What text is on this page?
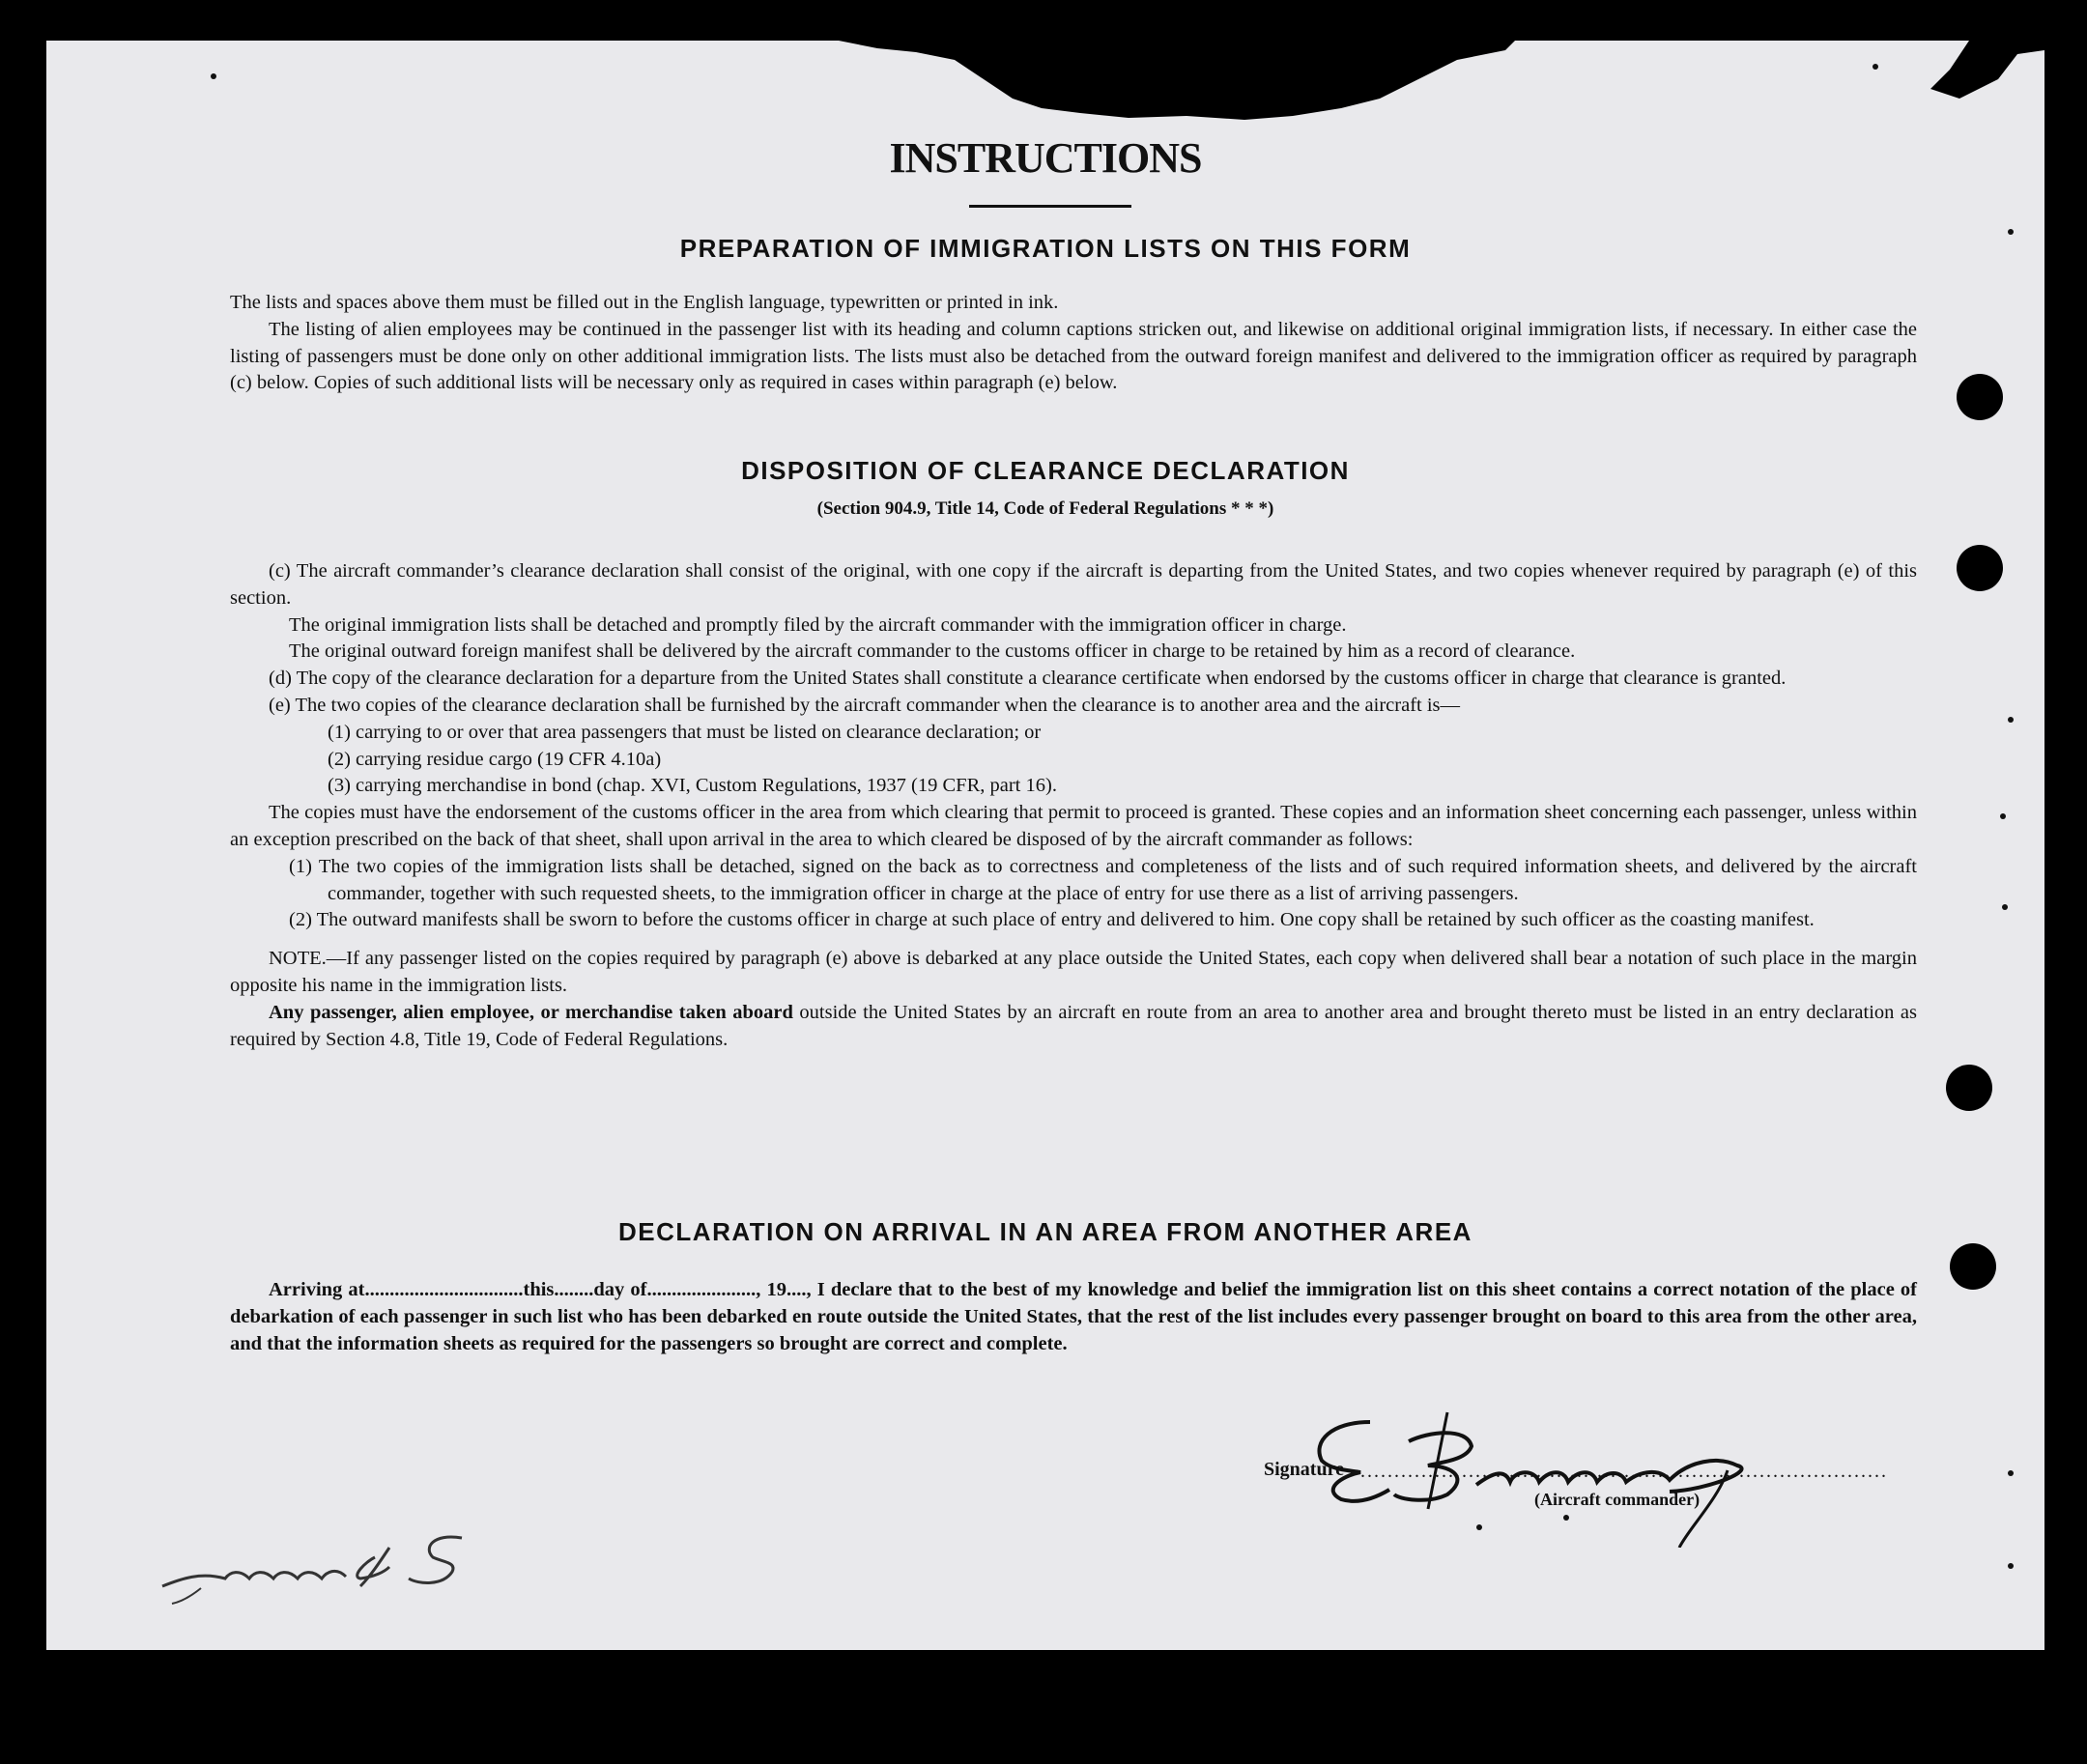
INSTRUCTIONS
PREPARATION OF IMMIGRATION LISTS ON THIS FORM

The lists and spaces above them must be filled out in the English language, typewritten or printed in ink.

The listing of alien employees may be continued in the passenger list with its heading and column captions stricken out, and likewise on additional original immigration lists, if necessary. In either case the listing of passengers must be done only on other additional immigration lists. The lists must also be detached from the outward foreign manifest and delivered to the immigration officer as required by paragraph (c) below. Copies of such additional lists will be necessary only as required in cases within paragraph (e) below.

DISPOSITION OF CLEARANCE DECLARATION

(Section 904.9, Title 14, Code of Federal Regulations * * *)

(c) The aircraft commander’s clearance declaration shall consist of the original, with one copy if the aircraft is departing from the United States, and two copies whenever required by paragraph (e) of this section.

The original immigration lists shall be detached and promptly filed by the aircraft commander with the immigration officer in charge.

The original outward foreign manifest shall be delivered by the aircraft commander to the customs officer in charge to be retained by him as a record of clearance.

(d) The copy of the clearance declaration for a departure from the United States shall constitute a clearance certificate when endorsed by the customs officer in charge that clearance is granted.

(e) The two copies of the clearance declaration shall be furnished by the aircraft commander when the clearance is to another area and the aircraft is—

(1) carrying to or over that area passengers that must be listed on clearance declaration; or

(2) carrying residue cargo (19 CFR 4.10a)

(3) carrying merchandise in bond (chap. XVI, Custom Regulations, 1937 (19 CFR, part 16).

The copies must have the endorsement of the customs officer in the area from which clearing that permit to proceed is granted. These copies and an information sheet concerning each passenger, unless within an exception prescribed on the back of that sheet, shall upon arrival in the area to which cleared be disposed of by the aircraft commander as follows:

(1) The two copies of the immigration lists shall be detached, signed on the back as to correctness and completeness of the lists and of such required information sheets, and delivered by the aircraft commander, together with such requested sheets, to the immigration officer in charge at the place of entry for use there as a list of arriving passengers.

(2) The outward manifests shall be sworn to before the customs officer in charge at such place of entry and delivered to him. One copy shall be retained by such officer as the coasting manifest.

NOTE.—If any passenger listed on the copies required by paragraph (e) above is debarked at any place outside the United States, each copy when delivered shall bear a notation of such place in the margin opposite his name in the immigration lists.

Any passenger, alien employee, or merchandise taken aboard outside the United States by an aircraft en route from an area to another area and brought thereto must be listed in an entry declaration as required by Section 4.8, Title 19, Code of Federal Regulations.

DECLARATION ON ARRIVAL IN AN AREA FROM ANOTHER AREA

Arriving at................................this........day of......................, 19...., I declare that to the best of my knowledge and belief the immigration list on this sheet contains a correct notation of the place of debarkation of each passenger in such list who has been debarked en route outside the United States, that the rest of the list includes every passenger brought on board to this area from the other area, and that the information sheets as required for the passengers so brought are correct and complete.

Signature ..............................................................................
(Aircraft commander)
